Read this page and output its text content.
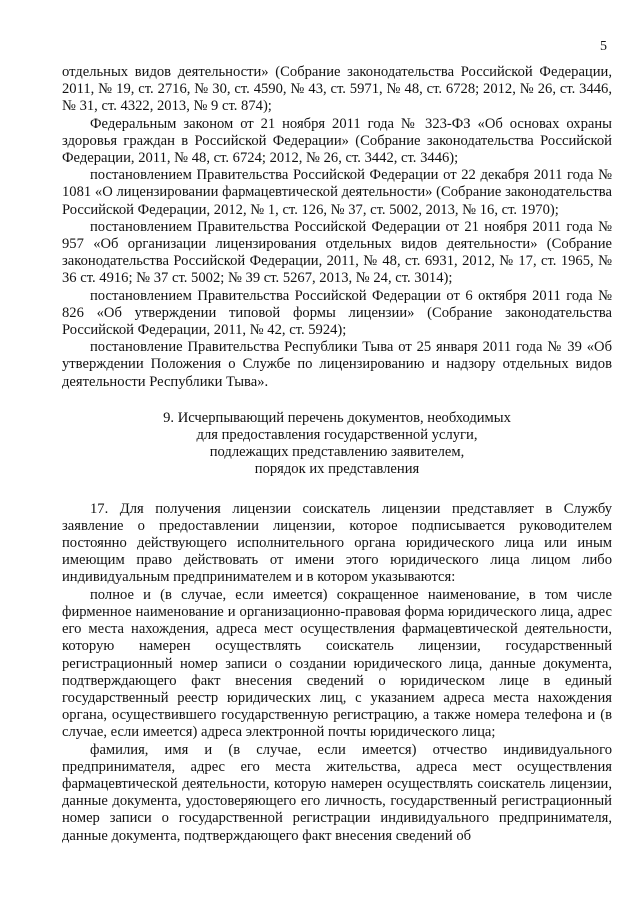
5

отдельных видов деятельности» (Собрание законодательства Российской Федерации, 2011, № 19, ст. 2716, № 30, ст. 4590, № 43, ст. 5971, № 48, ст. 6728; 2012, № 26, ст. 3446, № 31, ст. 4322, 2013, № 9 ст. 874);

Федеральным законом от 21 ноября 2011 года № 323-ФЗ «Об основах охраны здоровья граждан в Российской Федерации» (Собрание законодательства Российской Федерации, 2011, № 48, ст. 6724; 2012, № 26, ст. 3442, ст. 3446);

постановлением Правительства Российской Федерации от 22 декабря 2011 года № 1081 «О лицензировании фармацевтической деятельности» (Собрание законодательства Российской Федерации, 2012, № 1, ст. 126, № 37, ст. 5002, 2013, № 16, ст. 1970);

постановлением Правительства Российской Федерации от 21 ноября 2011 года № 957 «Об организации лицензирования отдельных видов деятельности» (Собрание законодательства Российской Федерации, 2011, № 48, ст. 6931, 2012, № 17, ст. 1965, № 36 ст. 4916; № 37 ст. 5002; № 39 ст. 5267, 2013, № 24, ст. 3014);

постановлением Правительства Российской Федерации от 6 октября 2011 года № 826 «Об утверждении типовой формы лицензии» (Собрание законодательства Российской Федерации, 2011, № 42, ст. 5924);

постановление Правительства Республики Тыва от 25 января 2011 года № 39 «Об утверждении Положения о Службе по лицензированию и надзору отдельных видов деятельности Республики Тыва».

9. Исчерпывающий перечень документов, необходимых
для предоставления государственной услуги,
подлежащих представлению заявителем,
порядок их представления

17. Для получения лицензии соискатель лицензии представляет в Службу заявление о предоставлении лицензии, которое подписывается руководителем постоянно действующего исполнительного органа юридического лица или иным имеющим право действовать от имени этого юридического лица лицом либо индивидуальным предпринимателем и в котором указываются:

полное и (в случае, если имеется) сокращенное наименование, в том числе фирменное наименование и организационно-правовая форма юридического лица, адрес его места нахождения, адреса мест осуществления фармацевтической деятельности, которую намерен осуществлять соискатель лицензии, государственный регистрационный номер записи о создании юридического лица, данные документа, подтверждающего факт внесения сведений о юридическом лице в единый государственный реестр юридических лиц, с указанием адреса места нахождения органа, осуществившего государственную регистрацию, а также номера телефона и (в случае, если имеется) адреса электронной почты юридического лица;

фамилия, имя и (в случае, если имеется) отчество индивидуального предпринимателя, адрес его места жительства, адреса мест осуществления фармацевтической деятельности, которую намерен осуществлять соискатель лицензии, данные документа, удостоверяющего его личность, государственный регистрационный номер записи о государственной регистрации индивидуального предпринимателя, данные документа, подтверждающего факт внесения сведений об
